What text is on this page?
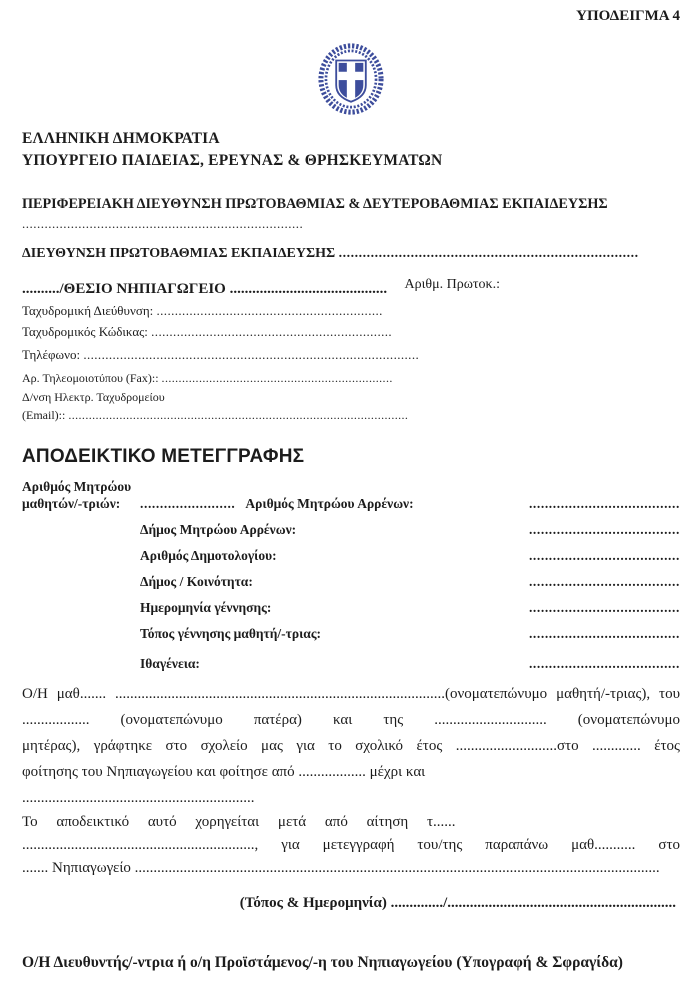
ΥΠΟΔΕΙΓΜΑ 4
ΕΛΛΗΝΙΚΗ ΔΗΜΟΚΡΑΤΙΑ
ΥΠΟΥΡΓΕΙΟ ΠΑΙΔΕΙΑΣ, ΕΡΕΥΝΑΣ & ΘΡΗΣΚΕΥΜΑΤΩΝ
ΠΕΡΙΦΕΡΕΙΑΚΗ ΔΙΕΥΘΥΝΣΗ ΠΡΩΤΟΒΑΘΜΙΑΣ & ΔΕΥΤΕΡΟΒΑΘΜΙΑΣ ΕΚΠΑΙΔΕΥΣΗΣ
...........................................................................
ΔΙΕΥΘΥΝΣΗ ΠΡΩΤΟΒΑΘΜΙΑΣ ΕΚΠΑΙΔΕΥΣΗΣ ...........................................................................
........../ΘΕΣΙΟ ΝΗΠΙΑΓΩΓΕΙΟ .......................................... Αριθμ. Πρωτοκ.:
Ταχυδρομική Διεύθυνση: ..............................................................
Ταχυδρομικός Κώδικας: ..................................................................
Τηλέφωνο: ............................................................................................
Αρ. Τηλεομοιοτύπου (Fax):: ....................................................................
Δ/νση Ηλεκτρ. Ταχυδρομείου
(Email):: ....................................................................................................
ΑΠΟΔΕΙΚΤΙΚΟ ΜΕΤΕΓΓΡΑΦΗΣ
Αριθμός Μητρώου
μαθητών/-τριών:	........................ Αριθμός Μητρώου Αρρένων:	......................................
Δήμος Μητρώου Αρρένων:	......................................
Αριθμός Δημοτολογίου:	......................................
Δήμος / Κοινότητα:	......................................
Ημερομηνία γέννησης:	......................................
Τόπος γέννησης μαθητή/-τριας:	......................................
Ιθαγένεια:	......................................
Ο/Η μαθ....... ........................................................................................(ονοματεπώνυμο μαθητή/-τριας), του
.................. (ονοματεπώνυμο πατέρα) και της .............................. (ονοματεπώνυμο
μητέρας), γράφτηκε στο σχολείο μας για το σχολικό έτος ...........................στο ............. έτος
φοίτησης του Νηπιαγωγείου και φοίτησε από .................. μέχρι και
..............................................................
Το αποδεικτικό αυτό χορηγείται μετά από αίτηση τ......
.............................................................., για μετεγγραφή του/της παραπάνω μαθ........... στο
....... Νηπιαγωγείο ............................................................................................................................................
(Τόπος & Ημερομηνία) ............../.............................................................
Ο/Η Διευθυντής/-ντρια ή ο/η Προϊστάμενος/-η του Νηπιαγωγείου (Υπογραφή & Σφραγίδα)
